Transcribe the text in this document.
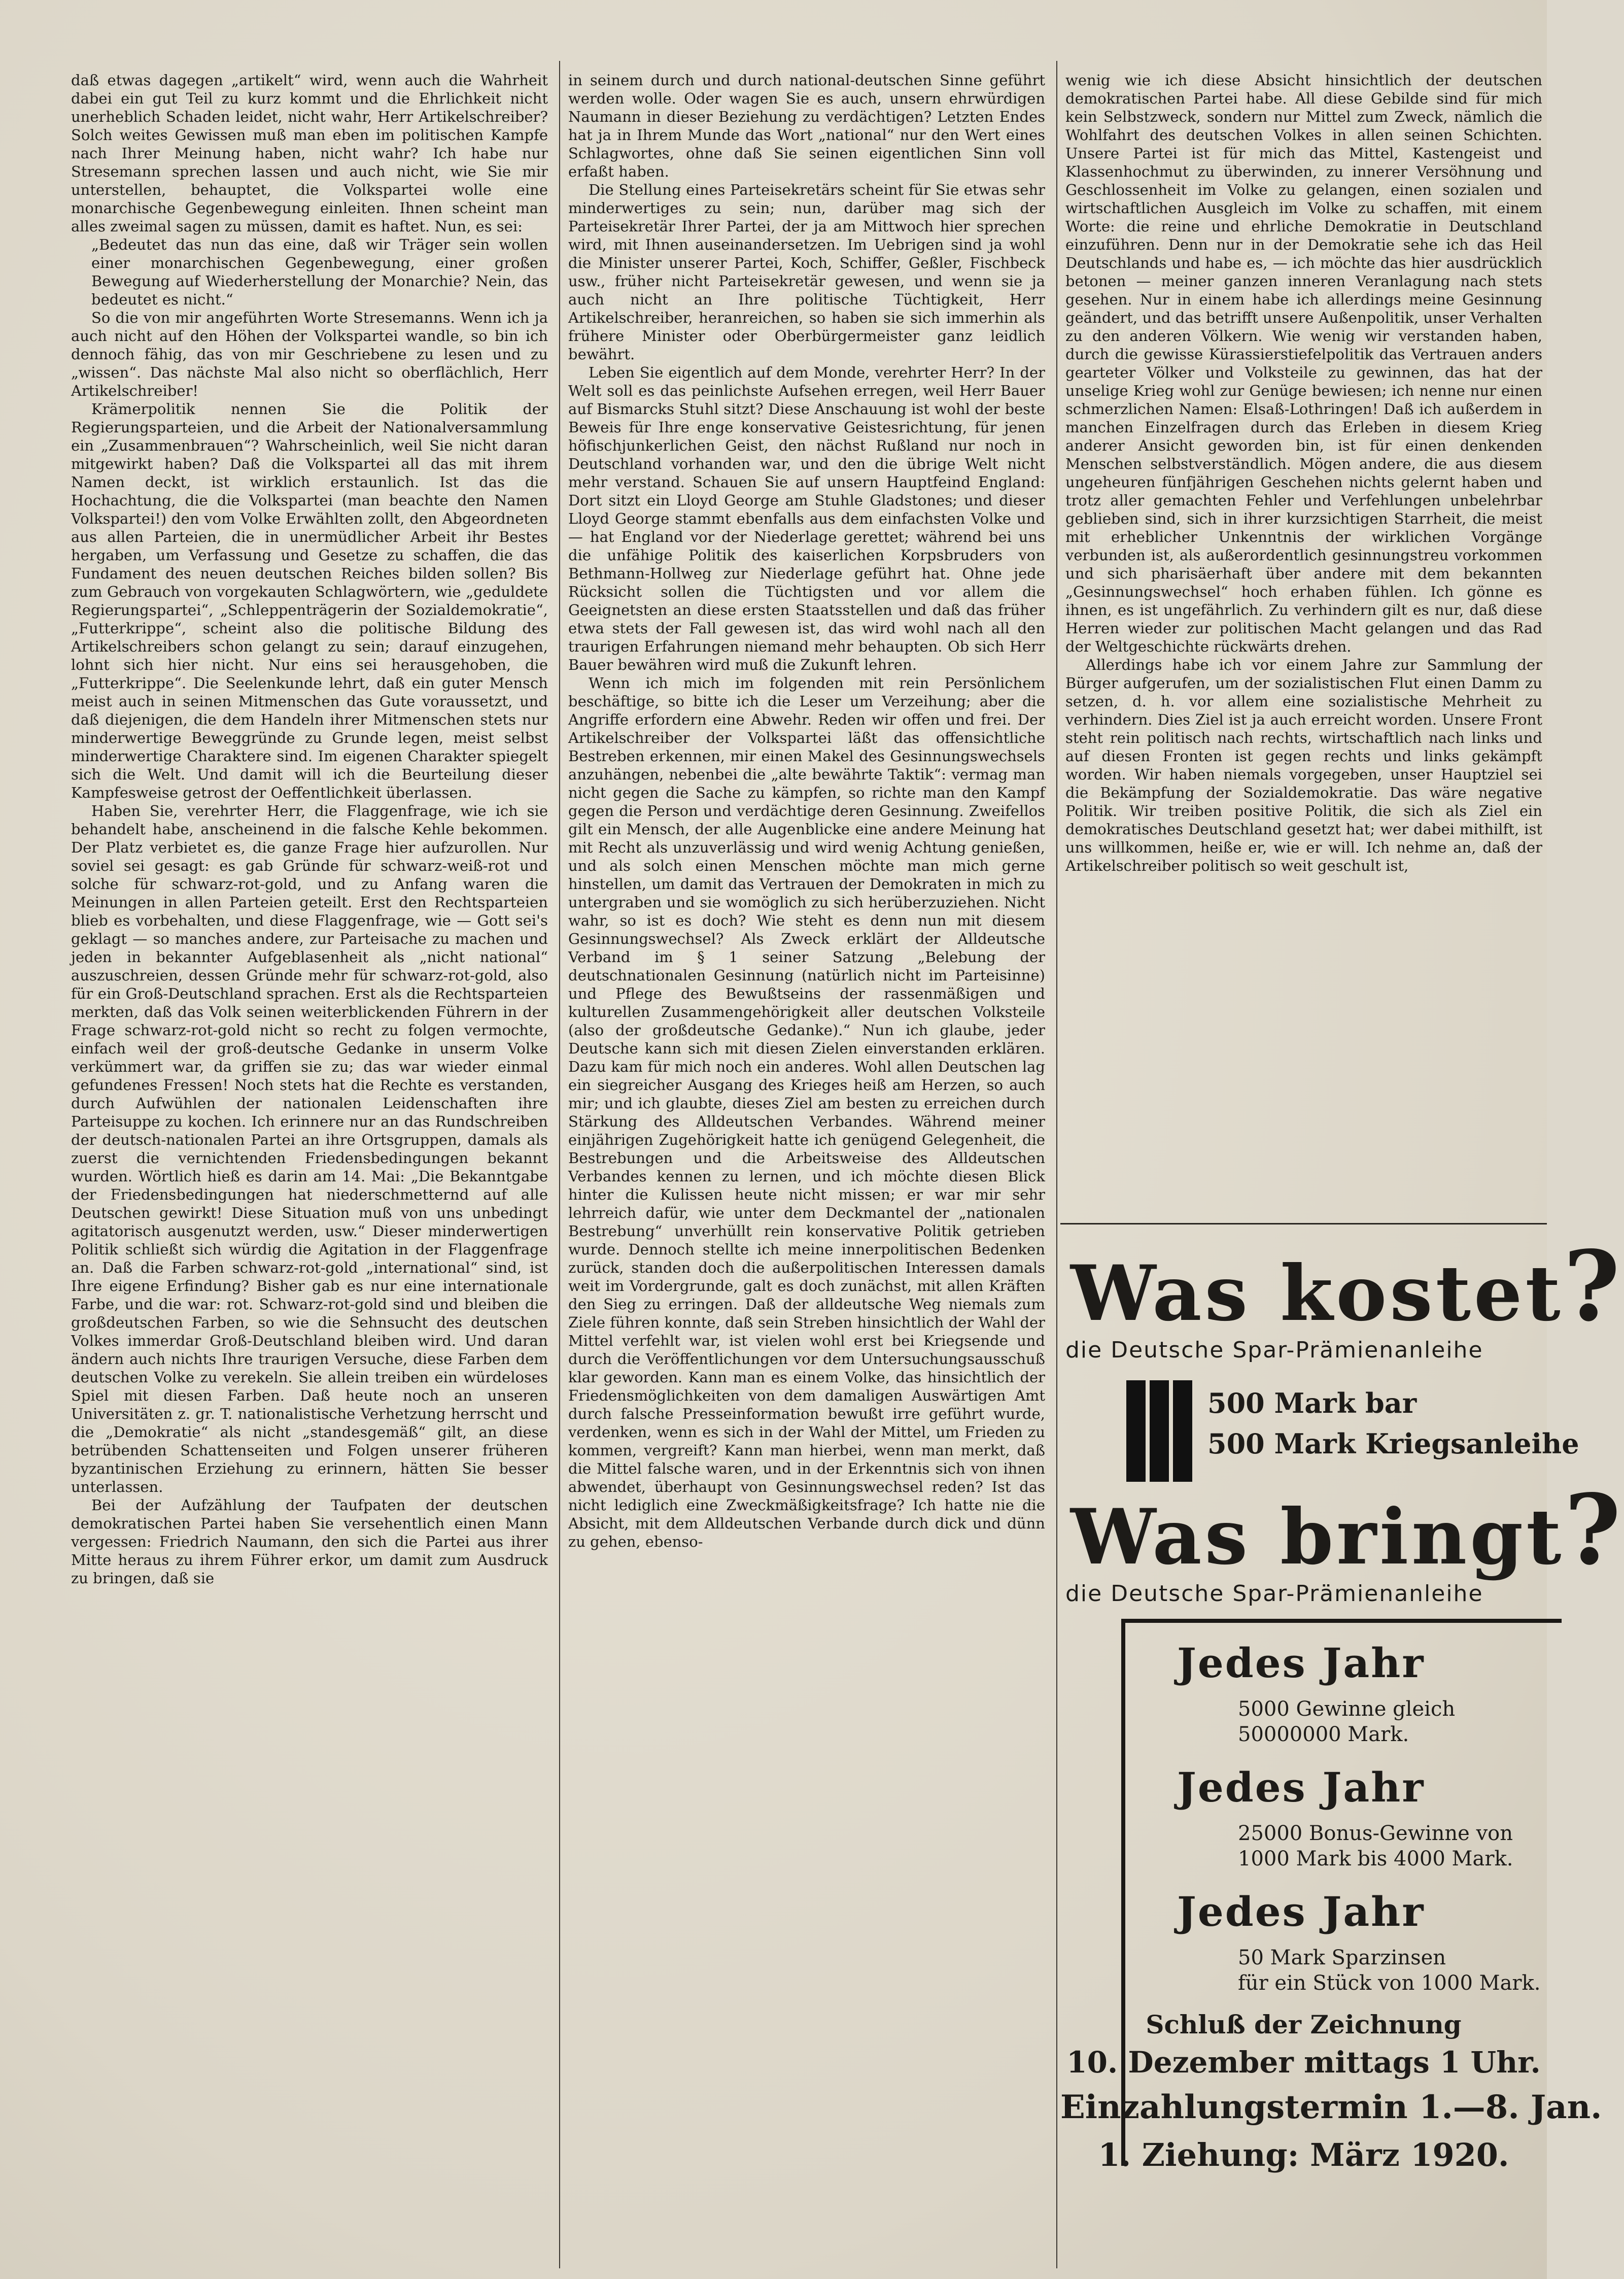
daß etwas dagegen „artikelt“ wird, wenn auch die Wahrheit dabei ein gut Teil zu kurz kommt und die Ehrlichkeit nicht unerheblich Schaden leidet, nicht wahr, Herr Artikelschreiber? Solch weites Gewissen muß man eben im politischen Kampfe nach Ihrer Meinung haben, nicht wahr? Ich habe nur Stresemann sprechen lassen und auch nicht, wie Sie mir unterstellen, behauptet, die Volkspartei wolle eine monarchische Gegenbewegung einleiten. Ihnen scheint man alles zweimal sagen zu müssen, damit es haftet. Nun, es sei:

„Bedeutet das nun das eine, daß wir Träger sein wollen einer monarchischen Gegenbewegung, einer großen Bewegung auf Wiederherstellung der Monarchie? Nein, das bedeutet es nicht.“

So die von mir angeführten Worte Stresemanns. Wenn ich ja auch nicht auf den Höhen der Volkspartei wandle, so bin ich dennoch fähig, das von mir Geschriebene zu lesen und zu „wissen“. Das nächste Mal also nicht so oberflächlich, Herr Artikelschreiber!

Krämerpolitik nennen Sie die Politik der Regierungsparteien, und die Arbeit der Nationalversammlung ein „Zusammenbrauen“? Wahrscheinlich, weil Sie nicht daran mitgewirkt haben? Daß die Volkspartei all das mit ihrem Namen deckt, ist wirklich erstaunlich. Ist das die Hochachtung, die die Volkspartei (man beachte den Namen Volkspartei!) den vom Volke Erwählten zollt, den Abgeordneten aus allen Parteien, die in unermüdlicher Arbeit ihr Bestes hergaben, um Verfassung und Gesetze zu schaffen, die das Fundament des neuen deutschen Reiches bilden sollen? Bis zum Gebrauch von vorgekauten Schlagwörtern, wie „geduldete Regierungspartei“, „Schleppenträgerin der Sozialdemokratie“, „Futterkrippe“, scheint also die politische Bildung des Artikelschreibers schon gelangt zu sein; darauf einzugehen, lohnt sich hier nicht. Nur eins sei herausgehoben, die „Futterkrippe“. Die Seelenkunde lehrt, daß ein guter Mensch meist auch in seinen Mitmenschen das Gute voraussetzt, und daß diejenigen, die dem Handeln ihrer Mitmenschen stets nur minderwertige Beweggründe zu Grunde legen, meist selbst minderwertige Charaktere sind. Im eigenen Charakter spiegelt sich die Welt. Und damit will ich die Beurteilung dieser Kampfesweise getrost der Oeffentlichkeit überlassen.

Haben Sie, verehrter Herr, die Flaggenfrage, wie ich sie behandelt habe, anscheinend in die falsche Kehle bekommen. Der Platz verbietet es, die ganze Frage hier aufzurollen. Nur soviel sei gesagt: es gab Gründe für schwarz-weiß-rot und solche für schwarz-rot-gold, und zu Anfang waren die Meinungen in allen Parteien geteilt. Erst den Rechtsparteien blieb es vorbehalten, und diese Flaggenfrage, wie — Gott sei's geklagt — so manches andere, zur Parteisache zu machen und jeden in bekannter Aufgeblasenheit als „nicht national“ auszuschreien, dessen Gründe mehr für schwarz-rot-gold, also für ein Groß-Deutschland sprachen. Erst als die Rechtsparteien merkten, daß das Volk seinen weiterblickenden Führern in der Frage schwarz-rot-gold nicht so recht zu folgen vermochte, einfach weil der groß-deutsche Gedanke in unserm Volke verkümmert war, da griffen sie zu; das war wieder einmal gefundenes Fressen! Noch stets hat die Rechte es verstanden, durch Aufwühlen der nationalen Leidenschaften ihre Parteisuppe zu kochen. Ich erinnere nur an das Rundschreiben der deutsch-nationalen Partei an ihre Ortsgruppen, damals als zuerst die vernichtenden Friedensbedingungen bekannt wurden. Wörtlich hieß es darin am 14. Mai: „Die Bekanntgabe der Friedensbedingungen hat niederschmetternd auf alle Deutschen gewirkt! Diese Situation muß von uns unbedingt agitatorisch ausgenutzt werden, usw.“ Dieser minderwertigen Politik schließt sich würdig die Agitation in der Flaggenfrage an. Daß die Farben schwarz-rot-gold „international“ sind, ist Ihre eigene Erfindung? Bisher gab es nur eine internationale Farbe, und die war: rot. Schwarz-rot-gold sind und bleiben die großdeutschen Farben, so wie die Sehnsucht des deutschen Volkes immerdar Groß-Deutschland bleiben wird. Und daran ändern auch nichts Ihre traurigen Versuche, diese Farben dem deutschen Volke zu verekeln. Sie allein treiben ein würdeloses Spiel mit diesen Farben. Daß heute noch an unseren Universitäten z. gr. T. nationalistische Verhetzung herrscht und die „Demokratie“ als nicht „standesgemäß“ gilt, an diese betrübenden Schattenseiten und Folgen unserer früheren byzantinischen Erziehung zu erinnern, hätten Sie besser unterlassen.

Bei der Aufzählung der Taufpaten der deutschen demokratischen Partei haben Sie versehentlich einen Mann vergessen: Friedrich Naumann, den sich die Partei aus ihrer Mitte heraus zu ihrem Führer erkor, um damit zum Ausdruck zu bringen, daß sie

in seinem durch und durch national-deutschen Sinne geführt werden wolle. Oder wagen Sie es auch, unsern ehrwürdigen Naumann in dieser Beziehung zu verdächtigen? Letzten Endes hat ja in Ihrem Munde das Wort „national“ nur den Wert eines Schlagwortes, ohne daß Sie seinen eigentlichen Sinn voll erfaßt haben.

Die Stellung eines Parteisekretärs scheint für Sie etwas sehr minderwertiges zu sein; nun, darüber mag sich der Parteisekretär Ihrer Partei, der ja am Mittwoch hier sprechen wird, mit Ihnen auseinandersetzen. Im Uebrigen sind ja wohl die Minister unserer Partei, Koch, Schiffer, Geßler, Fischbeck usw., früher nicht Parteisekretär gewesen, und wenn sie ja auch nicht an Ihre politische Tüchtigkeit, Herr Artikelschreiber, heranreichen, so haben sie sich immerhin als frühere Minister oder Oberbürgermeister ganz leidlich bewährt.

Leben Sie eigentlich auf dem Monde, verehrter Herr? In der Welt soll es das peinlichste Aufsehen erregen, weil Herr Bauer auf Bismarcks Stuhl sitzt? Diese Anschauung ist wohl der beste Beweis für Ihre enge konservative Geistesrichtung, für jenen höfischjunkerlichen Geist, den nächst Rußland nur noch in Deutschland vorhanden war, und den die übrige Welt nicht mehr verstand. Schauen Sie auf unsern Hauptfeind England: Dort sitzt ein Lloyd George am Stuhle Gladstones; und dieser Lloyd George stammt ebenfalls aus dem einfachsten Volke und — hat England vor der Niederlage gerettet; während bei uns die unfähige Politik des kaiserlichen Korpsbruders von Bethmann-Hollweg zur Niederlage geführt hat. Ohne jede Rücksicht sollen die Tüchtigsten und vor allem die Geeignetsten an diese ersten Staatsstellen und daß das früher etwa stets der Fall gewesen ist, das wird wohl nach all den traurigen Erfahrungen niemand mehr behaupten. Ob sich Herr Bauer bewähren wird muß die Zukunft lehren.

Wenn ich mich im folgenden mit rein Persönlichem beschäftige, so bitte ich die Leser um Verzeihung; aber die Angriffe erfordern eine Abwehr. Reden wir offen und frei. Der Artikelschreiber der Volkspartei läßt das offensichtliche Bestreben erkennen, mir einen Makel des Gesinnungswechsels anzuhängen, nebenbei die „alte bewährte Taktik“: vermag man nicht gegen die Sache zu kämpfen, so richte man den Kampf gegen die Person und verdächtige deren Gesinnung. Zweifellos gilt ein Mensch, der alle Augenblicke eine andere Meinung hat mit Recht als unzuverlässig und wird wenig Achtung genießen, und als solch einen Menschen möchte man mich gerne hinstellen, um damit das Vertrauen der Demokraten in mich zu untergraben und sie womöglich zu sich herüberzuziehen. Nicht wahr, so ist es doch? Wie steht es denn nun mit diesem Gesinnungswechsel? Als Zweck erklärt der Alldeutsche Verband im § 1 seiner Satzung „Belebung der deutschnationalen Gesinnung (natürlich nicht im Parteisinne) und Pflege des Bewußtseins der rassenmäßigen und kulturellen Zusammengehörigkeit aller deutschen Volksteile (also der großdeutsche Gedanke).“ Nun ich glaube, jeder Deutsche kann sich mit diesen Zielen einverstanden erklären. Dazu kam für mich noch ein anderes. Wohl allen Deutschen lag ein siegreicher Ausgang des Krieges heiß am Herzen, so auch mir; und ich glaubte, dieses Ziel am besten zu erreichen durch Stärkung des Alldeutschen Verbandes. Während meiner einjährigen Zugehörigkeit hatte ich genügend Gelegenheit, die Bestrebungen und die Arbeitsweise des Alldeutschen Verbandes kennen zu lernen, und ich möchte diesen Blick hinter die Kulissen heute nicht missen; er war mir sehr lehrreich dafür, wie unter dem Deckmantel der „nationalen Bestrebung“ unverhüllt rein konservative Politik getrieben wurde. Dennoch stellte ich meine innerpolitischen Bedenken zurück, standen doch die außerpolitischen Interessen damals weit im Vordergrunde, galt es doch zunächst, mit allen Kräften den Sieg zu erringen. Daß der alldeutsche Weg niemals zum Ziele führen konnte, daß sein Streben hinsichtlich der Wahl der Mittel verfehlt war, ist vielen wohl erst bei Kriegsende und durch die Veröffentlichungen vor dem Untersuchungsausschuß klar geworden. Kann man es einem Volke, das hinsichtlich der Friedensmöglichkeiten von dem damaligen Auswärtigen Amt durch falsche Presseinformation bewußt irre geführt wurde, verdenken, wenn es sich in der Wahl der Mittel, um Frieden zu kommen, vergreift? Kann man hierbei, wenn man merkt, daß die Mittel falsche waren, und in der Erkenntnis sich von ihnen abwendet, überhaupt von Gesinnungswechsel reden? Ist das nicht lediglich eine Zweckmäßigkeitsfrage? Ich hatte nie die Absicht, mit dem Alldeutschen Verbande durch dick und dünn zu gehen, ebenso-

wenig wie ich diese Absicht hinsichtlich der deutschen demokratischen Partei habe. All diese Gebilde sind für mich kein Selbstzweck, sondern nur Mittel zum Zweck, nämlich die Wohlfahrt des deutschen Volkes in allen seinen Schichten. Unsere Partei ist für mich das Mittel, Kastengeist und Klassenhochmut zu überwinden, zu innerer Versöhnung und Geschlossenheit im Volke zu gelangen, einen sozialen und wirtschaftlichen Ausgleich im Volke zu schaffen, mit einem Worte: die reine und ehrliche Demokratie in Deutschland einzuführen. Denn nur in der Demokratie sehe ich das Heil Deutschlands und habe es, — ich möchte das hier ausdrücklich betonen — meiner ganzen inneren Veranlagung nach stets gesehen. Nur in einem habe ich allerdings meine Gesinnung geändert, und das betrifft unsere Außenpolitik, unser Verhalten zu den anderen Völkern. Wie wenig wir verstanden haben, durch die gewisse Kürassierstiefelpolitik das Vertrauen anders gearteter Völker und Volksteile zu gewinnen, das hat der unselige Krieg wohl zur Genüge bewiesen; ich nenne nur einen schmerzlichen Namen: Elsaß-Lothringen! Daß ich außerdem in manchen Einzelfragen durch das Erleben in diesem Krieg anderer Ansicht geworden bin, ist für einen denkenden Menschen selbstverständlich. Mögen andere, die aus diesem ungeheuren fünfjährigen Geschehen nichts gelernt haben und trotz aller gemachten Fehler und Verfehlungen unbelehrbar geblieben sind, sich in ihrer kurzsichtigen Starrheit, die meist mit erheblicher Unkenntnis der wirklichen Vorgänge verbunden ist, als außerordentlich gesinnungstreu vorkommen und sich pharisäerhaft über andere mit dem bekannten „Gesinnungswechsel“ hoch erhaben fühlen. Ich gönne es ihnen, es ist ungefährlich. Zu verhindern gilt es nur, daß diese Herren wieder zur politischen Macht gelangen und das Rad der Weltgeschichte rückwärts drehen.

Allerdings habe ich vor einem Jahre zur Sammlung der Bürger aufgerufen, um der sozialistischen Flut einen Damm zu setzen, d. h. vor allem eine sozialistische Mehrheit zu verhindern. Dies Ziel ist ja auch erreicht worden. Unsere Front steht rein politisch nach rechts, wirtschaftlich nach links und auf diesen Fronten ist gegen rechts und links gekämpft worden. Wir haben niemals vorgegeben, unser Hauptziel sei die Bekämpfung der Sozialdemokratie. Das wäre negative Politik. Wir treiben positive Politik, die sich als Ziel ein demokratisches Deutschland gesetzt hat; wer dabei mithilft, ist uns willkommen, heiße er, wie er will. Ich nehme an, daß der Artikelschreiber politisch so weit geschult ist,

Was kostet?
die Deutsche Spar-Prämienanleihe
500 Mark bar
500 Mark Kriegsanleihe
Was bringt?
die Deutsche Spar-Prämienanleihe
Jedes Jahr
5000 Gewinne gleich
50000000 Mark.
Jedes Jahr
25000 Bonus-Gewinne von
1000 Mark bis 4000 Mark.
Jedes Jahr
50 Mark Sparzinsen
für ein Stück von 1000 Mark.
Schluß der Zeichnung
10. Dezember mittags 1 Uhr.
Einzahlungstermin 1.—8. Jan.
1. Ziehung: März 1920.
